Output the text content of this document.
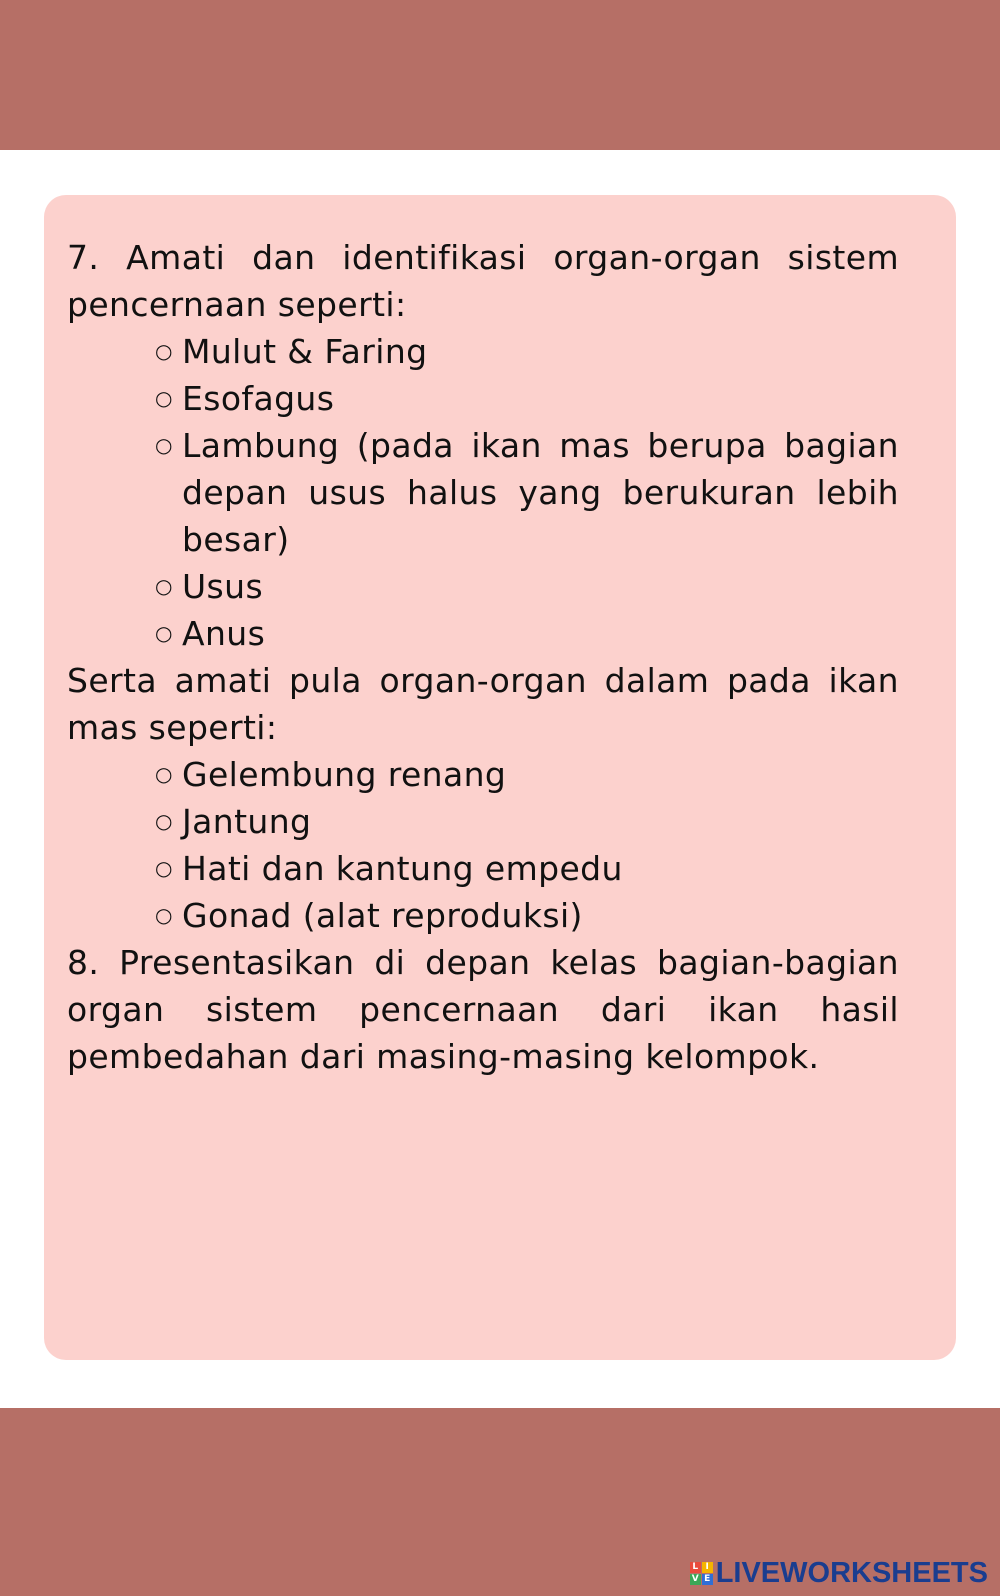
7. Amati dan identifikasi organ-organ sistem pencernaan seperti:

○ Mulut & Faring
○ Esofagus
○ Lambung (pada ikan mas berupa bagian depan usus halus yang berukuran lebih besar)
○ Usus
○ Anus

Serta amati pula organ-organ dalam pada ikan mas seperti:

○ Gelembung renang
○ Jantung
○ Hati dan kantung empedu
○ Gonad (alat reproduksi)

8. Presentasikan di depan kelas bagian-bagian organ sistem pencernaan dari ikan hasil pembedahan dari masing-masing kelompok.

L I
V E LIVEWORKSHEETS
